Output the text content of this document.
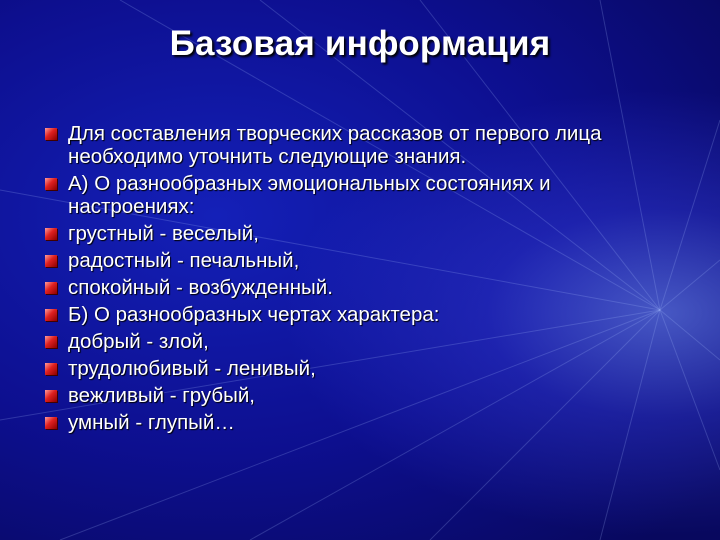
Базовая информация
Для составления творческих рассказов от первого лица необходимо уточнить следующие знания.
А) О разнообразных эмоциональных состояниях и настроениях:
грустный - веселый,
радостный - печальный,
спокойный - возбужденный.
Б) О разнообразных чертах характера:
добрый - злой,
трудолюбивый - ленивый,
вежливый - грубый,
умный - глупый…
